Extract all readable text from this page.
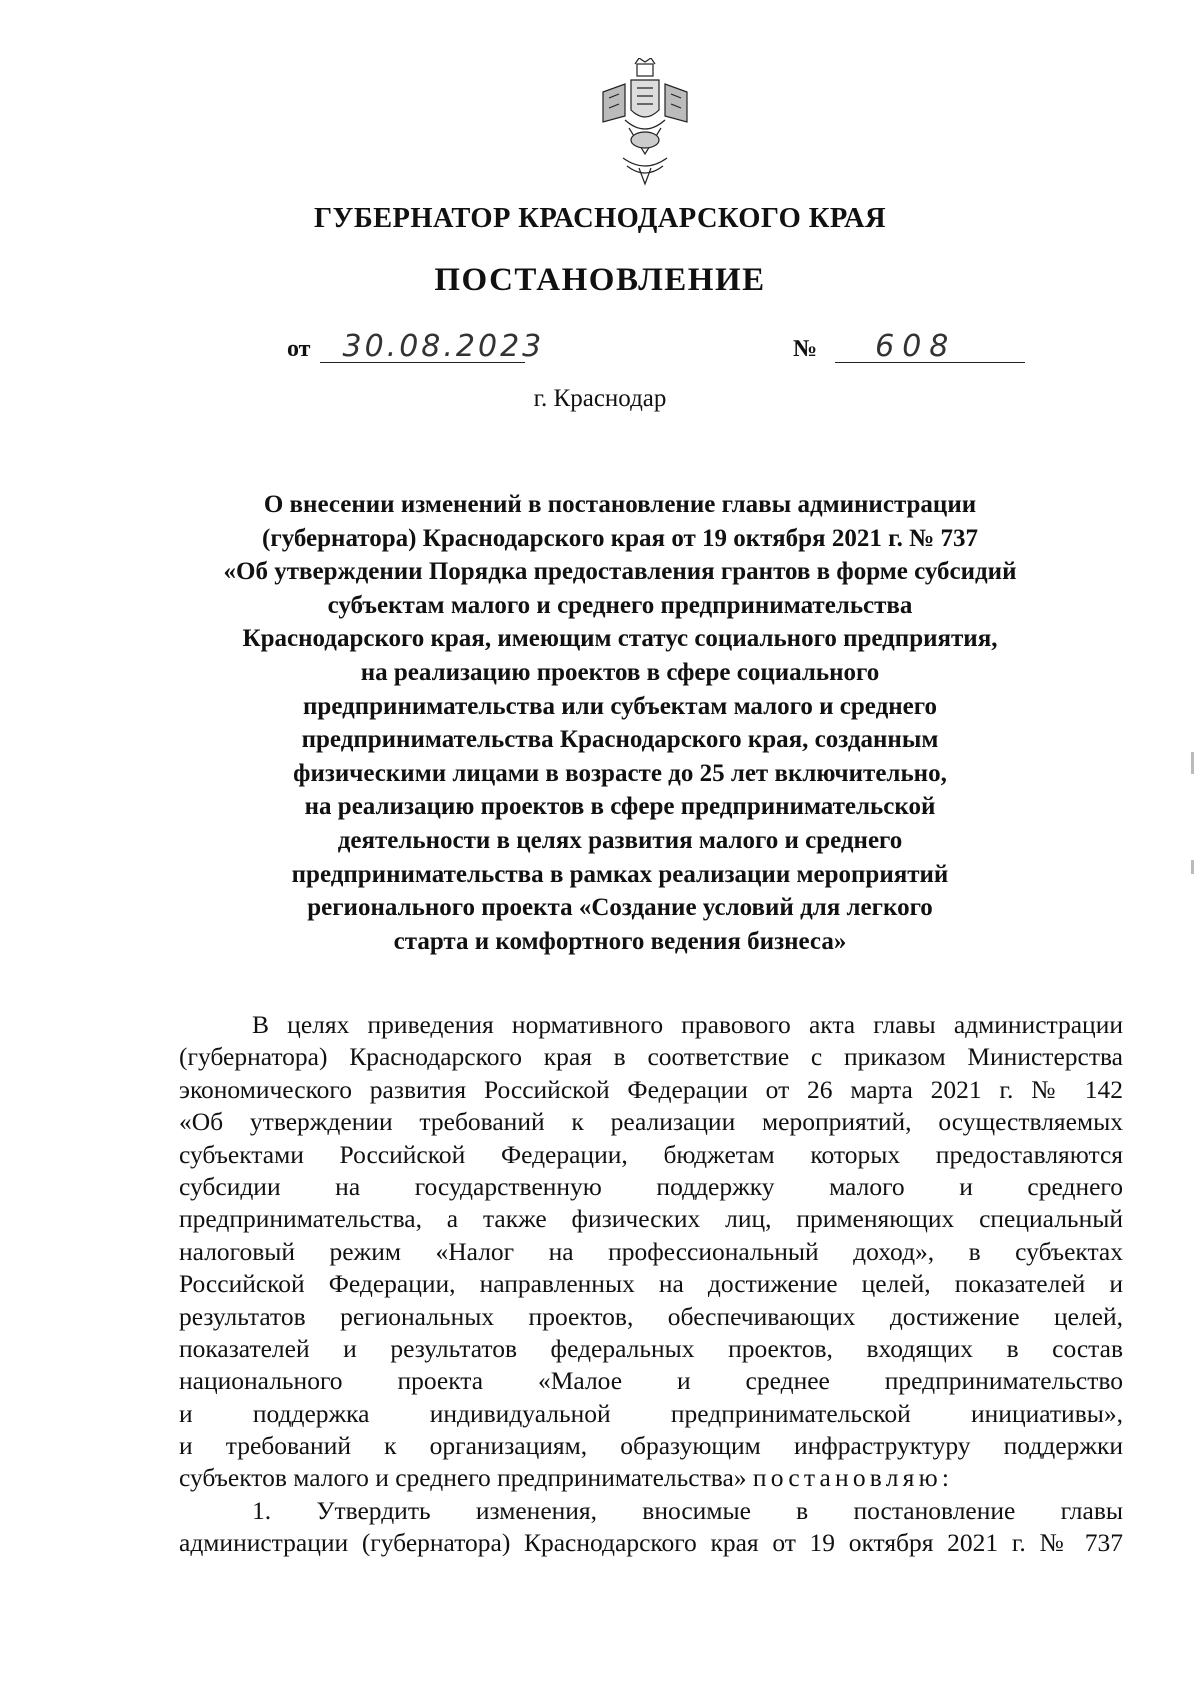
ГУБЕРНАТОР КРАСНОДАРСКОГО КРАЯ
ПОСТАНОВЛЕНИЕ
от 30.08.2023	№ 608
г. Краснодар
О внесении изменений в постановление главы администрации
(губернатора) Краснодарского края от 19 октября 2021 г. № 737
«Об утверждении Порядка предоставления грантов в форме субсидий
субъектам малого и среднего предпринимательства
Краснодарского края, имеющим статус социального предприятия,
на реализацию проектов в сфере социального
предпринимательства или субъектам малого и среднего
предпринимательства Краснодарского края, созданным
физическими лицами в возрасте до 25 лет включительно,
на реализацию проектов в сфере предпринимательской
деятельности в целях развития малого и среднего
предпринимательства в рамках реализации мероприятий
регионального проекта «Создание условий для легкого
старта и комфортного ведения бизнеса»
В целях приведения нормативного правового акта главы администрации
(губернатора) Краснодарского края в соответствие с приказом Министерства
экономического развития Российской Федерации от 26 марта 2021 г. № 142
«Об утверждении требований к реализации мероприятий, осуществляемых
субъектами Российской Федерации, бюджетам которых предоставляются
субсидии на государственную поддержку малого и среднего
предпринимательства, а также физических лиц, применяющих специальный
налоговый режим «Налог на профессиональный доход», в субъектах
Российской Федерации, направленных на достижение целей, показателей и
результатов региональных проектов, обеспечивающих достижение целей,
показателей и результатов федеральных проектов, входящих в состав
национального проекта «Малое и среднее предпринимательство
и поддержка индивидуальной предпринимательской инициативы»,
и требований к организациям, образующим инфраструктуру поддержки
субъектов малого и среднего предпринимательства» постановляю:
1. Утвердить изменения, вносимые в постановление главы
администрации (губернатора) Краснодарского края от 19 октября 2021 г. № 737
